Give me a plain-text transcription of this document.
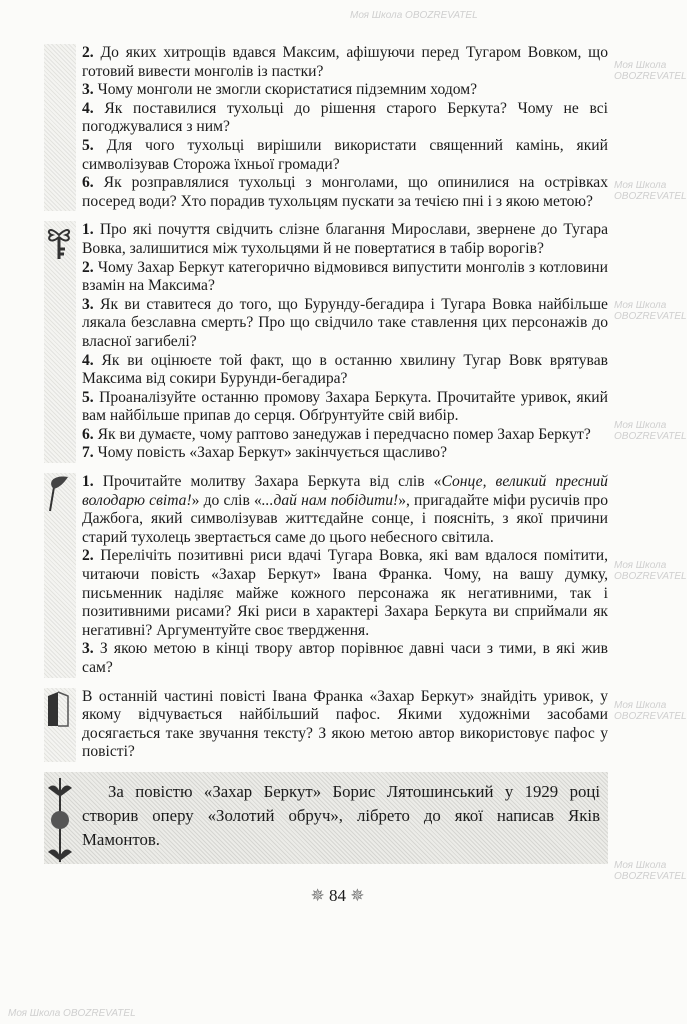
Моя Школа OBOZREVATEL
Моя Школа OBOZREVATEL
Моя Школа OBOZREVATEL
Моя Школа OBOZREVATEL
Моя Школа OBOZREVATEL
Моя Школа OBOZREVATEL
Моя Школа OBOZREVATEL
Моя Школа OBOZREVATEL
Моя Школа OBOZREVATEL

2. До яких хитрощів вдався Максим, афішуючи перед Тугаром Вовком, що готовий вивести монголів із пастки?

3. Чому монголи не змогли скористатися підземним ходом?

4. Як поставилися тухольці до рішення старого Беркута? Чому не всі погоджувалися з ним?

5. Для чого тухольці вирішили використати священний камінь, який символізував Сторожа їхньої громади?

6. Як розправлялися тухольці з монголами, що опинилися на острівках посеред води? Хто порадив тухольцям пускати за течією пні і з якою метою?

1. Про які почуття свідчить слізне благання Мирослави, звернене до Тугара Вовка, залишитися між тухольцями й не повертатися в табір ворогів?

2. Чому Захар Беркут категорично відмовився випустити монголів з котловини взамін на Максима?

3. Як ви ставитеся до того, що Бурунду-бегадира і Тугара Вовка найбільше лякала безславна смерть? Про що свідчило таке ставлення цих персонажів до власної загибелі?

4. Як ви оцінюєте той факт, що в останню хвилину Тугар Вовк врятував Максима від сокири Бурунди-бегадира?

5. Проаналізуйте останню промову Захара Беркута. Прочитайте уривок, який вам найбільше припав до серця. Обґрунтуйте свій вибір.

6. Як ви думаєте, чому раптово занедужав і передчасно помер Захар Беркут?

7. Чому повість «Захар Беркут» закінчується щасливо?

1. Прочитайте молитву Захара Беркута від слів «Сонце, великий пресний володарю світа!» до слів «...дай нам побідити!», пригадайте міфи русичів про Дажбога, який символізував життєдайне сонце, і поясніть, з якої причини старий тухолець звертається саме до цього небесного світила.

2. Перелічіть позитивні риси вдачі Тугара Вовка, які вам вдалося помітити, читаючи повість «Захар Беркут» Івана Франка. Чому, на вашу думку, письменник наділяє майже кожного персонажа як негативними, так і позитивними рисами? Які риси в характері Захара Беркута ви сприймали як негативні? Аргументуйте своє твердження.

3. З якою метою в кінці твору автор порівнює давні часи з тими, в які жив сам?

В останній частині повісті Івана Франка «Захар Беркут» знайдіть уривок, у якому відчувається найбільший пафос. Якими художніми засобами досягається таке звучання тексту? З якою метою автор використовує пафос у повісті?

За повістю «Захар Беркут» Борис Лятошинський у 1929 році створив оперу «Золотий обруч», лібрето до якої написав Яків Мамонтов.
✵ 84 ✵
